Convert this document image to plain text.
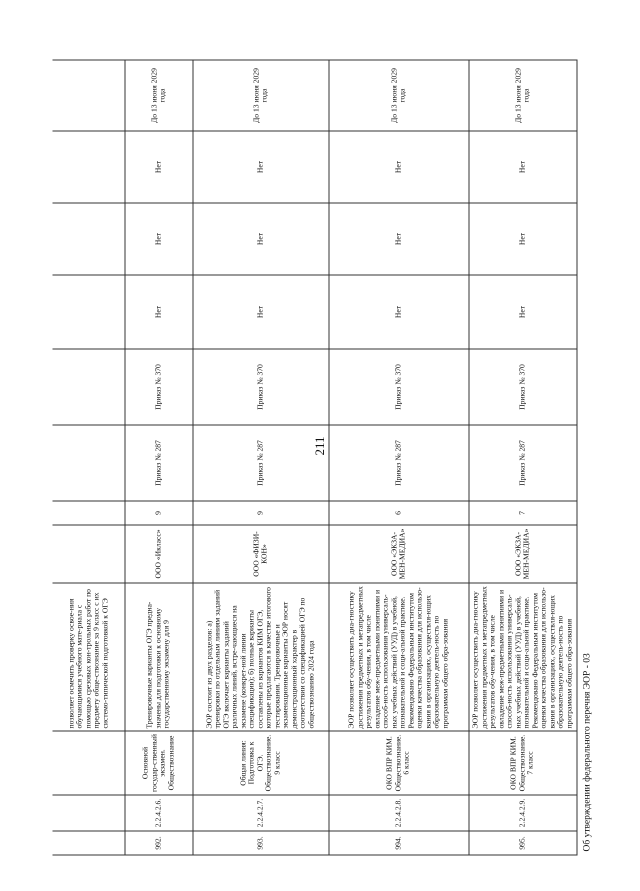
211
			позволяет осмечить проверку освое-ния обучающимися учебного мате-риала с помощью срезовых кон-трольных работ по предмету обще-ствознание за 9 класс с их системо-типической подготовкой к ОГЭ								
992.	2.2.4.2.6.	Основной государ-ственный экзамен. Обществознание	Тренировочные варианты ОГЭ предна-значены для подготовки к основному государственному экзамену для 9	ООО «Икласс»	9	Приказ № 287	Приказ № 370	Нет	Нет	Нет	До 13 июня 2029 года
993.	2.2.4.2.7.	Общая линия: Подготовка к ОГЭ. Обществознание. 9 класс	ЭОР состоит из двух разделов: а) тренировки по отдельным линиям заданий ОГЭ включает варианты заданий различных линий, встре-чающиеся на экзамене (конкрет-ной линии спецификации); б) полные варианты составлены из вариантов КИМ ОГЭ, которые предлагаются в качестве итогового тестирования. Тренировочные и экзаменационные варианты ЭОР носят демонстрационный характер в соответствии со спецификацией ОГЭ по обществознанию 2024 года	ООО «ФИЗИ-КОН»	9	Приказ № 287	Приказ № 370	Нет	Нет	Нет	До 13 июня 2029 года
994.	2.2.4.2.8.	ОКО ВПР КИМ. Обществознание. 6 класс	ЭОР позволяет осуществить диа-гностику достижения предметных и метапредметных результатов обу-чения, в том числе овладение меж-предметными понятиями и способ-ность использования универсаль-ных учебных действий (УУД) в учебной, познавательной и соци-альной практике. Рекомендовано Федеральным институтом оценки качества образования для использо-вания в организациях, осуществля-ющих образовательную деятель-ность по программам общего обра-зования	ООО «ЭКЗА-МЕН-МЕДИА»	6	Приказ № 287	Приказ № 370	Нет	Нет	Нет	До 13 июня 2029 года
995.	2.2.4.2.9.	ОКО ВПР КИМ. Обществознание. 7 класс	ЭОР позволяет осуществить диа-гностику достижения предметных и метапредметных результатов обу-чения, в том числе овладение меж-предметными понятиями и способ-ность использования универсаль-ных учебных действий (УУД) в учебной, познавательной и соци-альной практике. Рекомендовано Федеральным институтом оценки качества образования для использо-вания в организациях, осуществля-ющих образовательную деятель-ность по программам общего обра-зования	ООО «ЭКЗА-МЕН-МЕДИА»	7	Приказ № 287	Приказ № 370	Нет	Нет	Нет	До 13 июня 2029 года
Об утверждении федерального перечня ЭОР - 03
